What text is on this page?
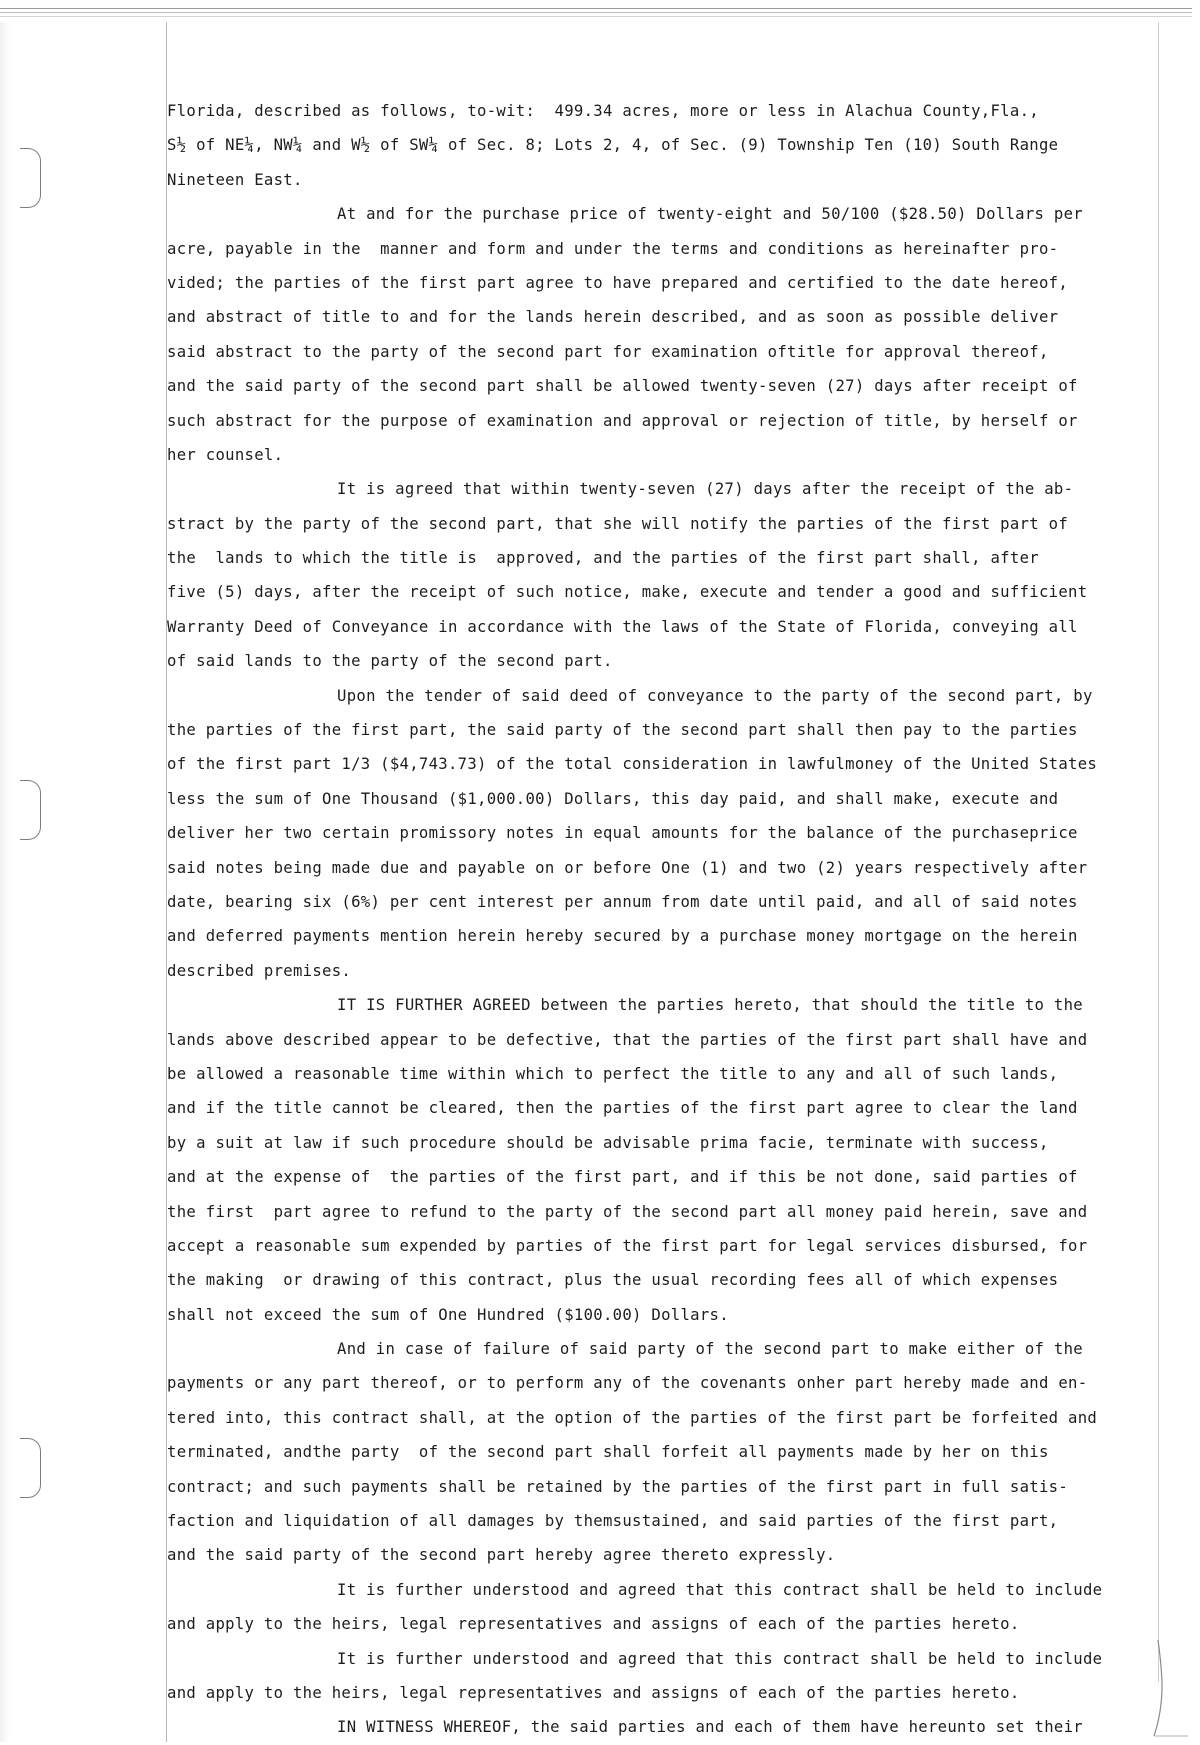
Florida, described as follows, to-wit:  499.34 acres, more or less in Alachua County,Fla.,
S½ of NE¼, NW¼ and W½ of SW¼ of Sec. 8; Lots 2, 4, of Sec. (9) Township Ten (10) South Range
Nineteen East.
At and for the purchase price of twenty-eight and 50/100 ($28.50) Dollars per
acre, payable in the  manner and form and under the terms and conditions as hereinafter pro-
vided; the parties of the first part agree to have prepared and certified to the date hereof,
and abstract of title to and for the lands herein described, and as soon as possible deliver
said abstract to the party of the second part for examination oftitle for approval thereof,
and the said party of the second part shall be allowed twenty-seven (27) days after receipt of
such abstract for the purpose of examination and approval or rejection of title, by herself or
her counsel.
It is agreed that within twenty-seven (27) days after the receipt of the ab-
stract by the party of the second part, that she will notify the parties of the first part of
the  lands to which the title is  approved, and the parties of the first part shall, after
five (5) days, after the receipt of such notice, make, execute and tender a good and sufficient
Warranty Deed of Conveyance in accordance with the laws of the State of Florida, conveying all
of said lands to the party of the second part.
Upon the tender of said deed of conveyance to the party of the second part, by
the parties of the first part, the said party of the second part shall then pay to the parties
of the first part 1/3 ($4,743.73) of the total consideration in lawfulmoney of the United States
less the sum of One Thousand ($1,000.00) Dollars, this day paid, and shall make, execute and
deliver her two certain promissory notes in equal amounts for the balance of the purchaseprice
said notes being made due and payable on or before One (1) and two (2) years respectively after
date, bearing six (6%) per cent interest per annum from date until paid, and all of said notes
and deferred payments mention herein hereby secured by a purchase money mortgage on the herein
described premises.
IT IS FURTHER AGREED between the parties hereto, that should the title to the
lands above described appear to be defective, that the parties of the first part shall have and
be allowed a reasonable time within which to perfect the title to any and all of such lands,
and if the title cannot be cleared, then the parties of the first part agree to clear the land
by a suit at law if such procedure should be advisable prima facie, terminate with success,
and at the expense of  the parties of the first part, and if this be not done, said parties of
the first  part agree to refund to the party of the second part all money paid herein, save and
accept a reasonable sum expended by parties of the first part for legal services disbursed, for
the making  or drawing of this contract, plus the usual recording fees all of which expenses
shall not exceed the sum of One Hundred ($100.00) Dollars.
And in case of failure of said party of the second part to make either of the
payments or any part thereof, or to perform any of the covenants onher part hereby made and en-
tered into, this contract shall, at the option of the parties of the first part be forfeited and
terminated, andthe party  of the second part shall forfeit all payments made by her on this
contract; and such payments shall be retained by the parties of the first part in full satis-
faction and liquidation of all damages by themsustained, and said parties of the first part,
and the said party of the second part hereby agree thereto expressly.
It is further understood and agreed that this contract shall be held to include
and apply to the heirs, legal representatives and assigns of each of the parties hereto.
It is further understood and agreed that this contract shall be held to include
and apply to the heirs, legal representatives and assigns of each of the parties hereto.
IN WITNESS WHEREOF, the said parties and each of them have hereunto set their
